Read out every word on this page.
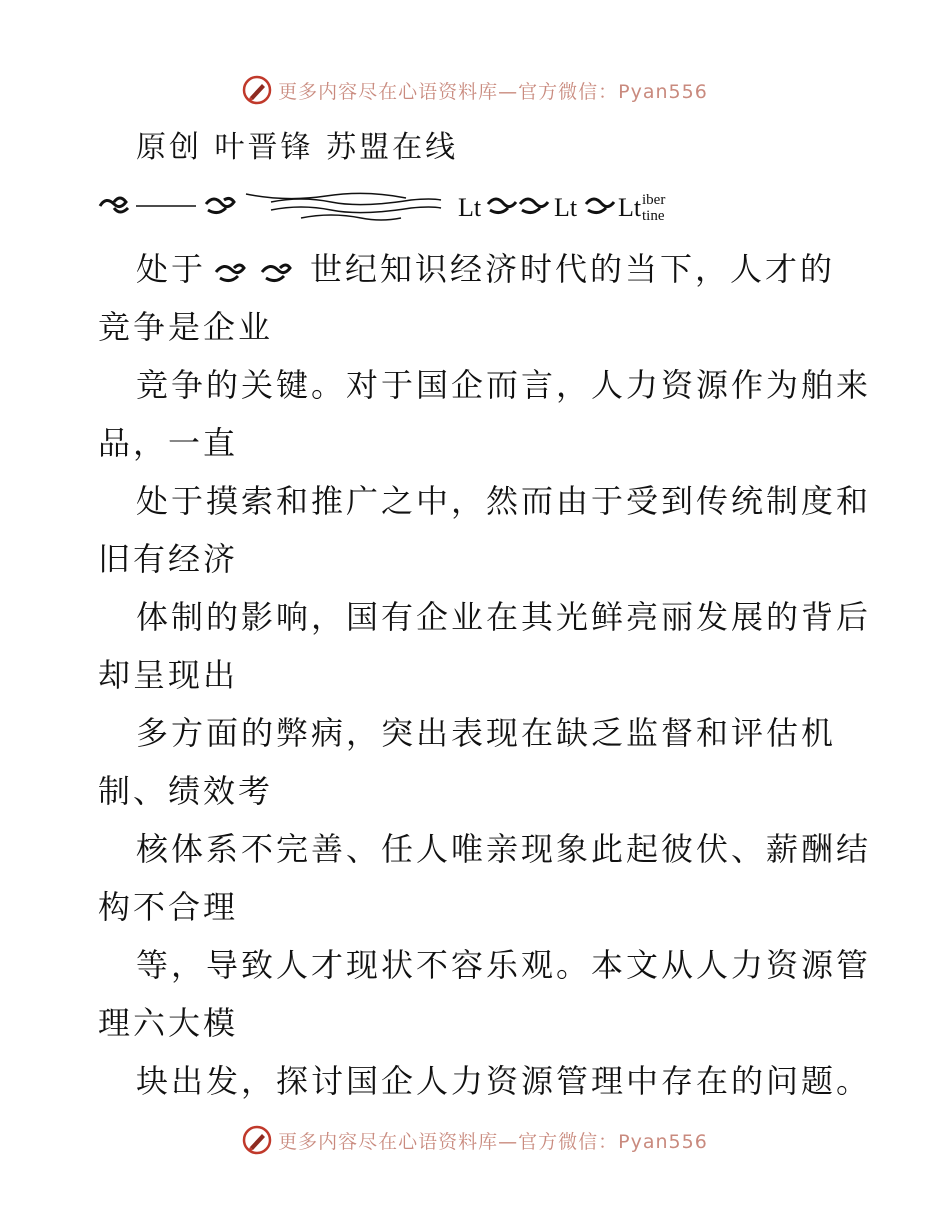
更多内容尽在心语资料库—官方微信：Pyan556
原创 叶晋锋 苏盟在线
Lt	Lt Lt iber
tine
处于	世纪知识经济时代的当下，人才的
竞争是企业
竞争的关键。对于国企而言，人力资源作为舶来
品，一直
处于摸索和推广之中，然而由于受到传统制度和
旧有经济
体制的影响，国有企业在其光鲜亮丽发展的背后
却呈现出
多方面的弊病，突出表现在缺乏监督和评估机
制、绩效考
核体系不完善、任人唯亲现象此起彼伏、薪酬结
构不合理
等，导致人才现状不容乐观。本文从人力资源管
理六大模
块出发，探讨国企人力资源管理中存在的问题。
更多内容尽在心语资料库—官方微信：Pyan556
